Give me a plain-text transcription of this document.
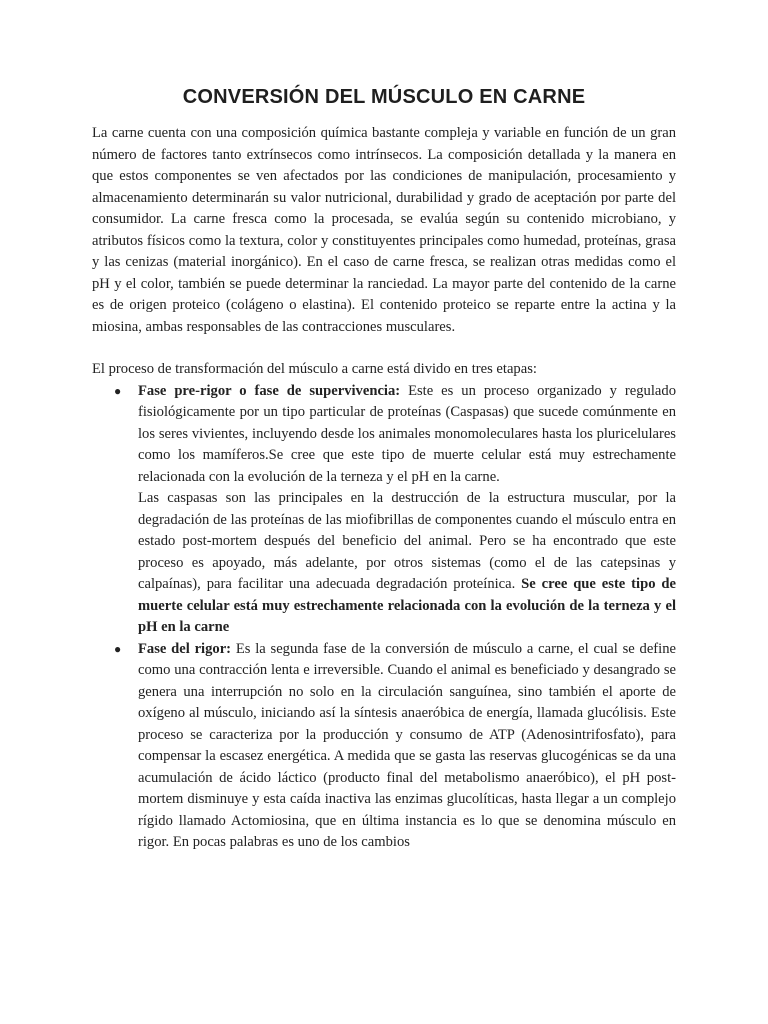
CONVERSIÓN DEL MÚSCULO EN CARNE

La carne cuenta con una composición química bastante compleja y variable en función de un gran número de factores tanto extrínsecos como intrínsecos. La composición detallada y la manera en que estos componentes se ven afectados por las condiciones de manipulación, procesamiento y almacenamiento determinarán su valor nutricional, durabilidad y grado de aceptación por parte del consumidor. La carne fresca como la procesada, se evalúa según su contenido microbiano, y atributos físicos como la textura, color y constituyentes principales como humedad, proteínas, grasa y las cenizas (material inorgánico). En el caso de carne fresca, se realizan otras medidas como el pH y el color, también se puede determinar la ranciedad. La mayor parte del contenido de la carne es de origen proteico (colágeno o elastina). El contenido proteico se reparte entre la actina y la miosina, ambas responsables de las contracciones musculares.

El proceso de transformación del músculo a carne está divido en tres etapas:

● Fase pre-rigor o fase de supervivencia: Este es un proceso organizado y regulado fisiológicamente por un tipo particular de proteínas (Caspasas) que sucede comúnmente en los seres vivientes, incluyendo desde los animales monomoleculares hasta los pluricelulares como los mamíferos.Se cree que este tipo de muerte celular está muy estrechamente relacionada con la evolución de la terneza y el pH en la carne.
Las caspasas son las principales en la destrucción de la estructura muscular, por la degradación de las proteínas de las miofibrillas de componentes cuando el músculo entra en estado post-mortem después del beneficio del animal. Pero se ha encontrado que este proceso es apoyado, más adelante, por otros sistemas (como el de las catepsinas y calpaínas), para facilitar una adecuada degradación proteínica. Se cree que este tipo de muerte celular está muy estrechamente relacionada con la evolución de la terneza y el pH en la carne
● Fase del rigor: Es la segunda fase de la conversión de músculo a carne, el cual se define como una contracción lenta e irreversible. Cuando el animal es beneficiado y desangrado se genera una interrupción no solo en la circulación sanguínea, sino también el aporte de oxígeno al músculo, iniciando así la síntesis anaeróbica de energía, llamada glucólisis. Este proceso se caracteriza por la producción y consumo de ATP (Adenosintrifosfato), para compensar la escasez energética. A medida que se gasta las reservas glucogénicas se da una acumulación de ácido láctico (producto final del metabolismo anaeróbico), el pH post-mortem disminuye y esta caída inactiva las enzimas glucolíticas, hasta llegar a un complejo rígido llamado Actomiosina, que en última instancia es lo que se denomina músculo en rigor. En pocas palabras es uno de los cambios
